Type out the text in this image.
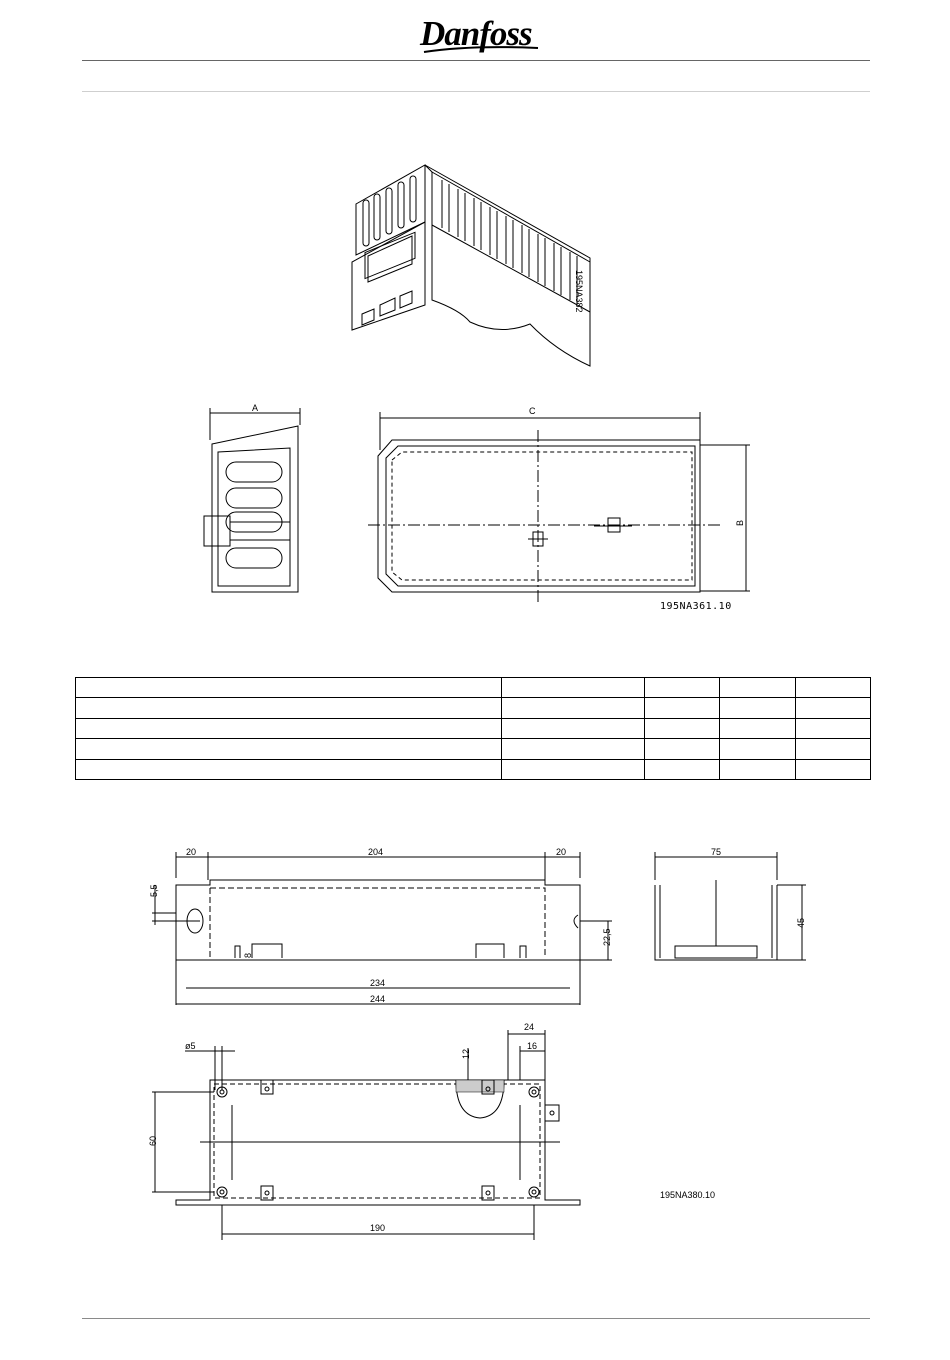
Danfoss
195NA382
A	C
B
195NA361.10

20	204	20
5,5
8
22,5
234
244
75
45
ø5
12
24
16
60
190
195NA380.10
